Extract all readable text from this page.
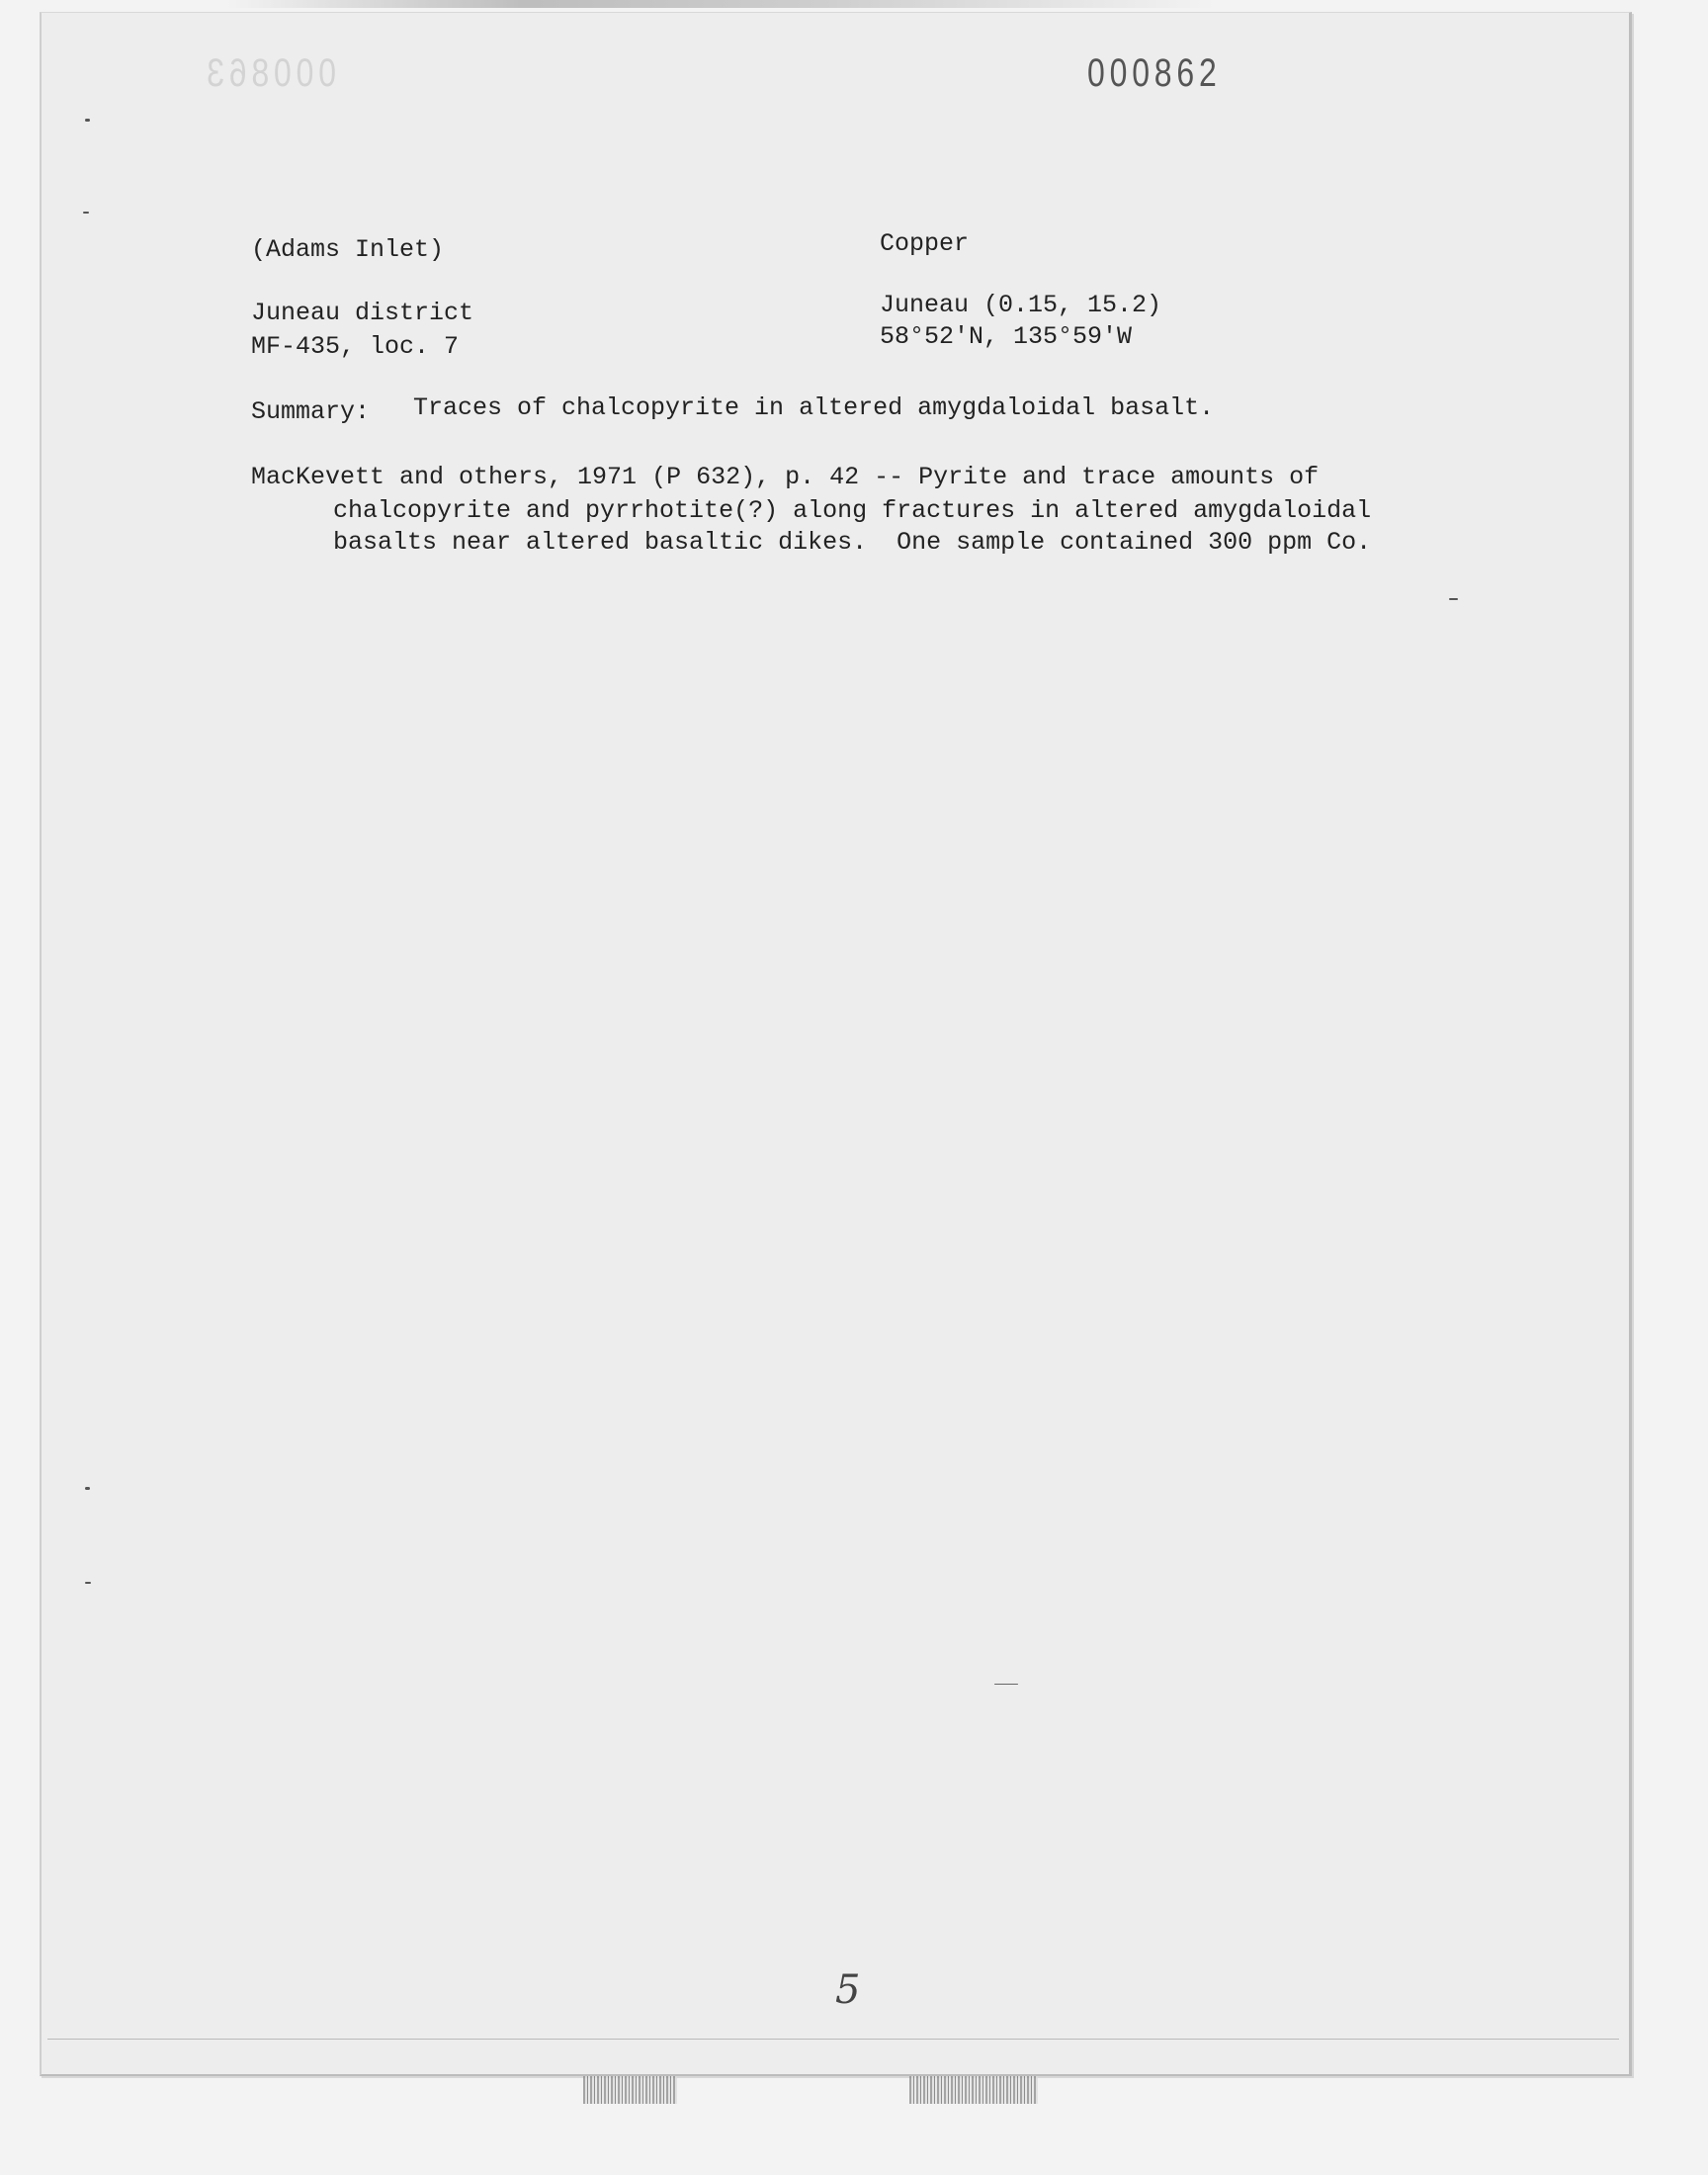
000863	000862
(Adams Inlet)	Copper
Juneau district
MF-435, loc. 7
Juneau (0.15, 15.2)
58°52'N, 135°59'W
Summary: Traces of chalcopyrite in altered amygdaloidal basalt.
MacKevett and others, 1971 (P 632), p. 42 -- Pyrite and trace amounts of
chalcopyrite and pyrrhotite(?) along fractures in altered amygdaloidal
basalts near altered basaltic dikes.  One sample contained 300 ppm Co.
5
